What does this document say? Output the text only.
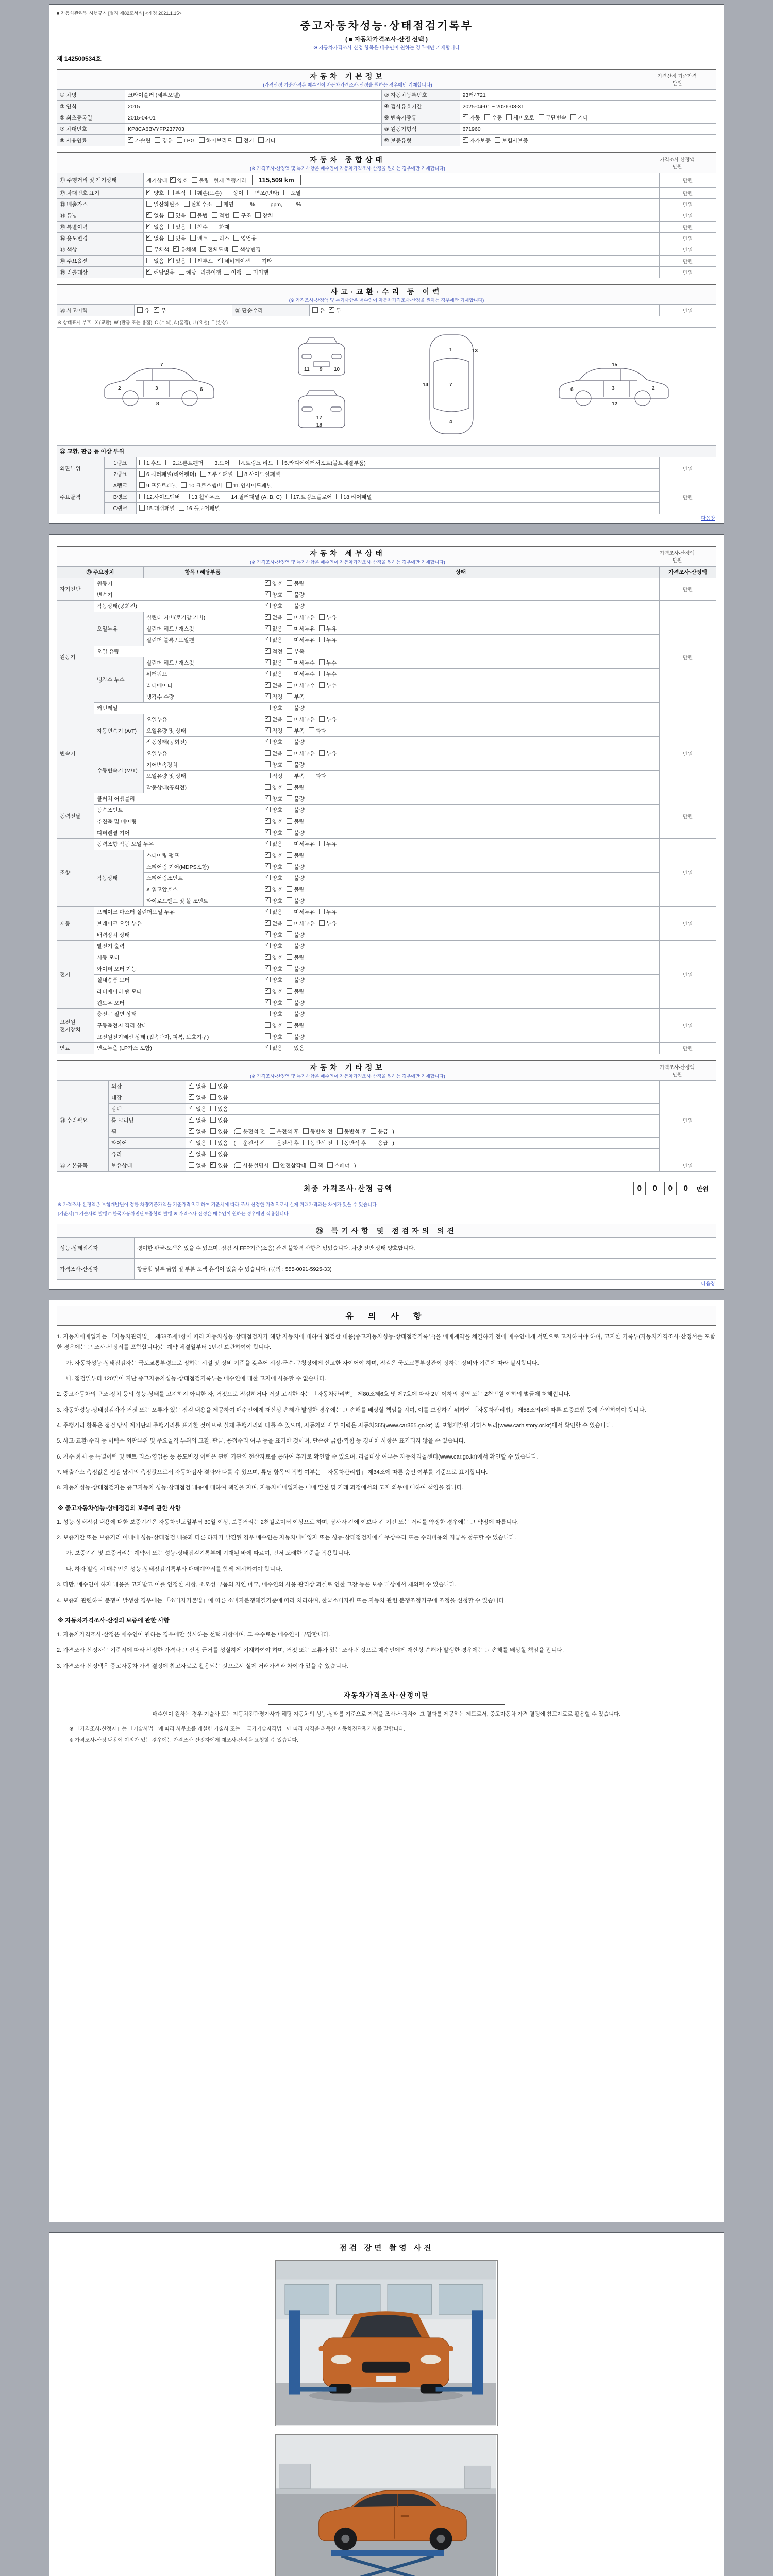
■ 자동차관리법 시행규칙 [별지 제82호서식] <개정 2021.1.15>
중고자동차성능·상태점검기록부
( ■ 자동차가격조사·산정 선택 )
※ 자동차가격조사·산정 항목은 매수인이 원하는 경우에만 기재합니다
제 142500534호
자동차 기본정보
(가격산정 기준가격은 매수인이 자동차가격조사·산정을 원하는 경우에만 기재합니다)
가격산정 기준가격
만원
① 차명	크라이슬러 (세부모델)	② 자동차등록번호	93러4721
③ 연식	2015	④ 검사유효기간	2025-04-01 ~ 2026-03-31
⑤ 최초등록일	2015-04-01	⑥ 변속기종류	✓자동 수동 세미오토 무단변속 기타
⑦ 차대번호	KP8CA6BVYFP237703	⑧ 원동기형식	671960
⑨ 사용연료	✓가솔린 경유 LPG 하이브리드 전기 기타	⑩ 보증유형	✓자가보증 보험사보증
자동차 종합상태
(※ 가격조사·산정액 및 특기사항은 매수인이 자동차가격조사·산정을 원하는 경우에만 기재합니다)
가격조사·산정액
만원
⑪ 주행거리 및 계기상태	계기상태 ✓ 양호 불량 현재 주행거리 115,509 km	만원
⑫ 차대번호 표기	✓양호 부식 훼손(오손) 상이 변조(변타) 도말	만원
⑬ 배출가스	일산화탄소 탄화수소 매연　　 %, 　　 ppm, 　　 %	만원
⑭ 튜닝	✓없음 있음 불법 적법 구조 장치	만원
⑮ 특별이력	✓없음 있음 침수 화재	만원
⑯ 용도변경	✓없음 있음 렌트 리스 영업용	만원
⑰ 색상	무채색 ✓ 유채색 전체도색 색상변경	만원
⑱ 주요옵션	없음 ✓ 있음 썬루프 ✓ 네비게이션 기타	만원
⑲ 리콜대상	✓해당없음 해당 리콜이행 이행 미이행	만원
사고·교환·수리 등 이력
(※ 가격조사·산정액 및 특기사항은 매수인이 자동차가격조사·산정을 원하는 경우에만 기재합니다)
⑳ 사고이력	유 ✓ 무	㉑ 단순수리	유 ✓ 무	만원
※ 상태표시 부호 : X (교환), W (판금 또는 용접), C (부식), A (흠집), U (요철), T (손상)
2	3	6
8
7
11 9 10
17
18
1
7
4
14
13
6	3	2
12
15
㉒ 교환, 판금 등 이상 부위			
외판부위	1랭크	1.후드 2.프론트펜더 3.도어 4.트렁크 리드 5.라디에이터서포트(볼트체결부품)	만원
	2랭크	6.쿼터패널(리어펜더) 7.루프패널 8.사이드실패널	
주요골격	A랭크	9.프론트패널 10.크로스멤버 11.인사이드패널	만원
	B랭크	12.사이드멤버 13.휠하우스 14.필러패널 (A, B, C) 17.트렁크플로어 18.리어패널	
	C랭크	15.대쉬패널 16.플로어패널	
다음장
자동차 세부상태
(※ 가격조사·산정액 및 특기사항은 매수인이 자동차가격조사·산정을 원하는 경우에만 기재합니다)
가격조사·산정액
만원
㉓ 주요장치		항목 / 해당부품	상태	가격조사·산정액
자기진단	원동기	✓양호 불량	만원
	변속기	✓양호 불량
원동기	작동상태(공회전)	✓양호 불량	만원
	오일누유	실린더 커버(로커암 커버)	✓없음 미세누유 누유
		실린더 헤드 / 개스킷	✓없음 미세누유 누유
		실린더 블록 / 오일팬	✓없음 미세누유 누유
	오일 유량	✓적정 부족
	냉각수 누수	실린더 헤드 / 개스킷	✓없음 미세누수 누수
		워터펌프	✓없음 미세누수 누수
		라디에이터	✓없음 미세누수 누수
		냉각수 수량	✓적정 부족
	커먼레일		양호 불량	
변속기	자동변속기 (A/T)	오일누유	✓없음 미세누유 누유	만원
		오일유량 및 상태	✓적정 부족 과다
		작동상태(공회전)	✓양호 불량
	수동변속기 (M/T)	오일누유	없음 미세누유 누유	
		기어변속장치	양호 불량	
		오일유량 및 상태	적정 부족 과다	
		작동상태(공회전)	양호 불량	
동력전달	클러치 어셈블리	✓양호 불량	만원
	등속조인트	✓양호 불량
	추진축 및 베어링	✓양호 불량
	디퍼렌셜 기어	✓양호 불량
조향	동력조향 작동 오일 누유	✓없음 미세누유 누유	만원
	작동상태	스티어링 펌프	✓양호 불량
		스티어링 기어(MDPS포함)	✓양호 불량
		스티어링조인트	✓양호 불량
		파워고압호스	✓양호 불량
		타이로드엔드 및 볼 조인트	✓양호 불량
제동	브레이크 마스터 실린더오일 누유	✓없음 미세누유 누유	만원
	브레이크 오일 누유	✓없음 미세누유 누유
	배력장치 상태	✓양호 불량
전기	발전기 출력	✓양호 불량	만원
	시동 모터	✓양호 불량
	와이퍼 모터 기능	✓양호 불량
	실내송풍 모터	✓양호 불량
	라디에이터 팬 모터	✓양호 불량
	윈도우 모터	✓양호 불량
고전원 전기장치	충전구 절연 상태		양호 불량	만원
	구동축전지 격리 상태		양호 불량	
	고전원전기배선 상태 (접속단자, 피복, 보호기구)		양호 불량	
연료	연료누출 (LP가스 포함)	✓없음 있음	만원
자동차 기타정보
(※ 가격조사·산정액 및 특기사항은 매수인이 자동차가격조사·산정을 원하는 경우에만 기재합니다)
가격조사·산정액
만원
㉔ 수리필요	외장	✓없음 있음	만원
	내장	✓없음 있음
	광택	✓없음 있음
	룸 크리닝	✓없음 있음
	휠	✓없음 있음 ( 운전석 전 운전석 후 동반석 전 동반석 후 응급 )
	타이어	✓없음 있음 ( 운전석 전 운전석 후 동반석 전 동반석 후 응급 )
	유리	✓없음 있음
㉕ 기본품목	보유상태	없음 ✓ 있음 ( 사용설명서 안전삼각대 잭 스패너 )	만원
최종 가격조사·산정 금액	0 0 0 0	만원
※ 가격조사·산정액은 보험개발원이 정한 차량기준가액을 기준가격으로 하여 기준서에 따라 조사·산정한 가격으로서 실제 거래가격과는 차이가 있을 수 있습니다.
[기준서] □ 기술사회 발행 □ 한국자동차진단보증협회 발행 ※ 가격조사·산정은 매수인이 원하는 경우에만 적용합니다.
㉖ 특기사항 및 점검자의 의견
성능·상태점검자	경미한 판금·도색은 있을 수 있으며, 점검 시 FFP기준(소음) 관련 불합격 사항은 없었습니다. 차량 전반 상태 양호합니다.
가격조사·산정자	합금휠 일부 긁힘 및 부분 도색 흔적이 있을 수 있습니다. (문의 : 555-0091-5925-33)
다음장
유 의 사 항
1. 자동차매매업자는 「자동차관리법」 제58조제1항에 따라 자동차성능·상태점검자가 해당 자동차에 대하여 점검한 내용(중고자동차성능·상태점검기록부)을 매매계약을 체결하기 전에 매수인에게 서면으로 고지하여야 하며, 고지한 기록부(자동차가격조사·산정서를 포함한 경우에는 그 조사·산정서를 포함합니다)는 계약 체결일부터 1년간 보관하여야 합니다.
가. 자동차성능·상태점검자는 국토교통부령으로 정하는 시설 및 장비 기준을 갖추어 시장·군수·구청장에게 신고한 자이어야 하며, 점검은 국토교통부장관이 정하는 장비와 기준에 따라 실시합니다.
나. 점검일부터 120일이 지난 중고자동차성능·상태점검기록부는 매수인에 대한 고지에 사용할 수 없습니다.
2. 중고자동차의 구조·장치 등의 성능·상태를 고지하지 아니한 자, 거짓으로 점검하거나 거짓 고지한 자는 「자동차관리법」 제80조제6호 및 제7호에 따라 2년 이하의 징역 또는 2천만원 이하의 벌금에 처해집니다.
3. 자동차성능·상태점검자가 거짓 또는 오류가 있는 점검 내용을 제공하여 매수인에게 재산상 손해가 발생한 경우에는 그 손해를 배상할 책임을 지며, 이를 보장하기 위하여 「자동차관리법」 제58조의4에 따른 보증보험 등에 가입하여야 합니다.
4. 주행거리 항목은 점검 당시 계기판의 주행거리를 표기한 것이므로 실제 주행거리와 다를 수 있으며, 자동차의 세부 이력은 자동차365(www.car365.go.kr) 및 보험개발원 카히스토리(www.carhistory.or.kr)에서 확인할 수 있습니다.
5. 사고·교환·수리 등 이력은 외판부위 및 주요골격 부위의 교환, 판금, 용접수리 여부 등을 표기한 것이며, 단순한 긁힘·찍힘 등 경미한 사항은 표기되지 않을 수 있습니다.
6. 침수·화재 등 특별이력 및 렌트·리스·영업용 등 용도변경 이력은 관련 기관의 전산자료를 통하여 추가로 확인할 수 있으며, 리콜대상 여부는 자동차리콜센터(www.car.go.kr)에서 확인할 수 있습니다.
7. 배출가스 측정값은 점검 당시의 측정값으로서 자동차검사 결과와 다를 수 있으며, 튜닝 항목의 적법 여부는 「자동차관리법」 제34조에 따른 승인 여부를 기준으로 표기합니다.
8. 자동차성능·상태점검자는 중고자동차 성능·상태점검 내용에 대하여 책임을 지며, 자동차매매업자는 매매 알선 및 거래 과정에서의 고지 의무에 대하여 책임을 집니다.
※ 중고자동차성능·상태점검의 보증에 관한 사항
1. 성능·상태점검 내용에 대한 보증기간은 자동차인도일부터 30일 이상, 보증거리는 2천킬로미터 이상으로 하며, 당사자 간에 이보다 긴 기간 또는 거리를 약정한 경우에는 그 약정에 따릅니다.
2. 보증기간 또는 보증거리 이내에 성능·상태점검 내용과 다른 하자가 발견된 경우 매수인은 자동차매매업자 또는 성능·상태점검자에게 무상수리 또는 수리비용의 지급을 청구할 수 있습니다.
가. 보증기간 및 보증거리는 계약서 또는 성능·상태점검기록부에 기재된 바에 따르며, 먼저 도래한 기준을 적용합니다.
나. 하자 발생 시 매수인은 성능·상태점검기록부와 매매계약서를 함께 제시하여야 합니다.
3. 다만, 매수인이 하자 내용을 고지받고 이를 인정한 사항, 소모성 부품의 자연 마모, 매수인의 사용·관리상 과실로 인한 고장 등은 보증 대상에서 제외될 수 있습니다.
4. 보증과 관련하여 분쟁이 발생한 경우에는 「소비자기본법」에 따른 소비자분쟁해결기준에 따라 처리하며, 한국소비자원 또는 자동차 관련 분쟁조정기구에 조정을 신청할 수 있습니다.
※ 자동차가격조사·산정의 보증에 관한 사항
1. 자동차가격조사·산정은 매수인이 원하는 경우에만 실시하는 선택 사항이며, 그 수수료는 매수인이 부담합니다.
2. 가격조사·산정자는 기준서에 따라 산정한 가격과 그 산정 근거를 성실하게 기재하여야 하며, 거짓 또는 오류가 있는 조사·산정으로 매수인에게 재산상 손해가 발생한 경우에는 그 손해를 배상할 책임을 집니다.
3. 가격조사·산정액은 중고자동차 가격 결정에 참고자료로 활용되는 것으로서 실제 거래가격과 차이가 있을 수 있습니다.
자동차가격조사·산정이란
매수인이 원하는 경우 기술사 또는 자동차진단평가사가 해당 자동차의 성능·상태를 기준으로 가격을 조사·산정하여 그 결과를 제공하는 제도로서, 중고자동차 가격 결정에 참고자료로 활용할 수 있습니다.
※ 「가격조사·산정자」는 「기술사법」에 따라 사무소를 개설한 기술사 또는 「국가기술자격법」에 따라 자격을 취득한 자동차진단평가사를 말합니다.
※ 가격조사·산정 내용에 이의가 있는 경우에는 가격조사·산정자에게 재조사·산정을 요청할 수 있습니다.
점검 장면 촬영 사진
